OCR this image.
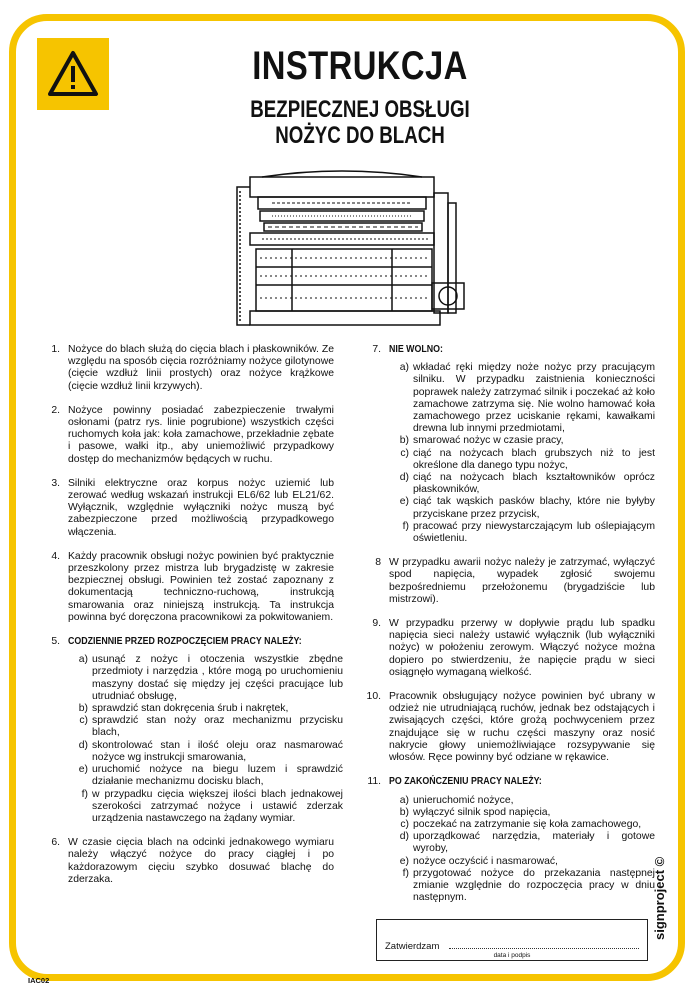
INSTRUKCJA
BEZPIECZNEJ OBSŁUGI
NOŻYC DO BLACH
1. Nożyce do blach służą do cięcia blach i płaskowników. Ze względu na sposób cięcia rozróżniamy nożyce gilotynowe (cięcie wzdłuż linii prostych) oraz nożyce krążkowe (cięcie wzdłuż linii krzywych).
2. Nożyce powinny posiadać zabezpieczenie trwałymi osłonami (patrz rys. linie pogrubione) wszystkich części ruchomych koła jak: koła zamachowe, przekładnie zębate i pasowe, wałki itp., aby uniemożliwić przypadkowy dostęp do mechanizmów będących w ruchu.
3. Silniki elektryczne oraz korpus nożyc uziemić lub zerować według wskazań instrukcji EL6/62 lub EL21/62. Wyłącznik, względnie wyłączniki nożyc muszą być zabezpieczone przed możliwością przypadkowego włączenia.
4. Każdy pracownik obsługi nożyc powinien być praktycznie przeszkolony przez mistrza lub brygadzistę w zakresie bezpiecznej obsługi. Powinien też zostać zapoznany z dokumentacją techniczno-ruchową, instrukcją smarowania oraz niniejszą instrukcją. Ta instrukcja powinna być doręczona pracownikowi za pokwitowaniem.
5. CODZIENNIE PRZED ROZPOCZĘCIEM PRACY NALEŻY:
a) usunąć z nożyc i otoczenia wszystkie zbędne przedmioty i narzędzia , które mogą po uruchomieniu maszyny dostać się między jej części pracujące lub utrudniać obsługę,
b) sprawdzić stan dokręcenia śrub i nakrętek,
c) sprawdzić stan noży oraz mechanizmu przycisku blach,
d) skontrolować stan i ilość oleju oraz nasmarować nożyce wg instrukcji smarowania,
e) uruchomić nożyce na biegu luzem i sprawdzić działanie mechanizmu docisku blach,
f) w przypadku cięcia większej ilości blach jednakowej szerokości zatrzymać nożyce i ustawić zderzak urządzenia nastawczego na żądany wymiar.
6. W czasie cięcia blach na odcinki jednakowego wymiaru należy włączyć nożyce do pracy ciągłej i po każdorazowym cięciu szybko dosuwać blachę do zderzaka.
7. NIE WOLNO:
a) wkładać ręki między noże nożyc przy pracującym silniku. W przypadku zaistnienia konieczności poprawek należy zatrzymać silnik i poczekać aż koło zamachowe zatrzyma się. Nie wolno hamować koła zamachowego przez uciskanie rękami, kawałkami drewna lub innymi przedmiotami,
b) smarować nożyc w czasie pracy,
c) ciąć na nożycach blach grubszych niż to jest określone dla danego typu nożyc,
d) ciąć na nożycach blach kształtowników oprócz płaskowników,
e) ciąć tak wąskich pasków blachy, które nie byłyby przyciskane przez przycisk,
f) pracować przy niewystarczającym lub oślepiającym oświetleniu.
8 W przypadku awarii nożyc należy je zatrzymać, wyłączyć spod napięcia, wypadek zgłosić swojemu bezpośredniemu przełożonemu (brygadziście lub mistrzowi).
9. W przypadku przerwy w dopływie prądu lub spadku napięcia sieci należy ustawić wyłącznik (lub wyłączniki nożyc) w położeniu zerowym. Włączyć nożyce można dopiero po stwierdzeniu, że napięcie prądu w sieci osiągnęło wymaganą wielkość.
10. Pracownik obsługujący nożyce powinien być ubrany w odzież nie utrudniającą ruchów, jednak bez odstających i zwisających części, które grożą pochwyceniem przez znajdujące się w ruchu części maszyny oraz nosić nakrycie głowy uniemożliwiające rozsypywanie się włosów. Ręce powinny być odziane w rękawice.
11. PO ZAKOŃCZENIU PRACY NALEŻY:
a) unieruchomić nożyce,
b) wyłączyć silnik spod napięcia,
c) poczekać na zatrzymanie się koła zamachowego,
d) uporządkować narzędzia, materiały i gotowe wyroby,
e) nożyce oczyścić i nasmarować,
f) przygotować nożyce do przekazania następnej zmianie względnie do rozpoczęcia pracy w dniu następnym.
Zatwierdzam
data i podpis
signproject ©
IAC02
